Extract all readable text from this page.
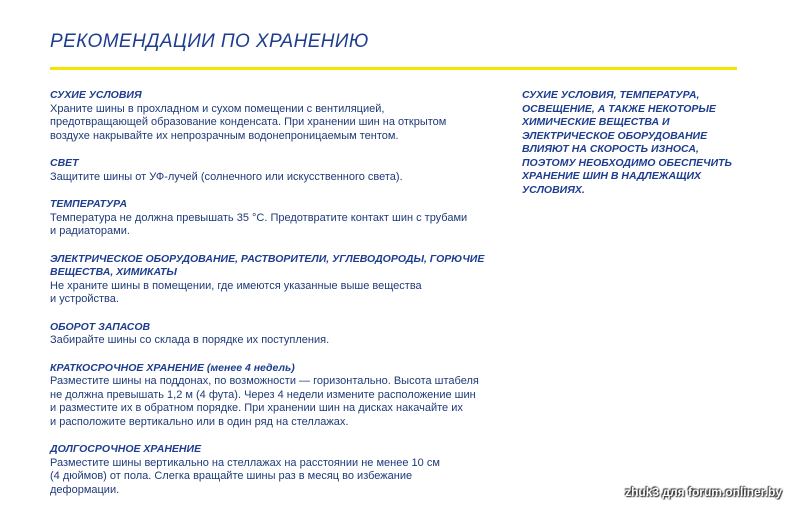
РЕКОМЕНДАЦИИ ПО ХРАНЕНИЮ

СУХИЕ УСЛОВИЯ

Храните шины в прохладном и сухом помещении с вентиляцией,
предотвращающей образование конденсата. При хранении шин на открытом
воздухе накрывайте их непрозрачным водонепроницаемым тентом.

СВЕТ

Защитите шины от УФ-лучей (солнечного или искусственного света).

ТЕМПЕРАТУРА

Температура не должна превышать 35 °C. Предотвратите контакт шин с трубами
и радиаторами.

ЭЛЕКТРИЧЕСКОЕ ОБОРУДОВАНИЕ, РАСТВОРИТЕЛИ, УГЛЕВОДОРОДЫ, ГОРЮЧИЕ
ВЕЩЕСТВА, ХИМИКАТЫ

Не храните шины в помещении, где имеются указанные выше вещества
и устройства.

ОБОРОТ ЗАПАСОВ

Забирайте шины со склада в порядке их поступления.

КРАТКОСРОЧНОЕ ХРАНЕНИЕ (менее 4 недель)

Разместите шины на поддонах, по возможности — горизонтально. Высота штабеля
не должна превышать 1,2 м (4 фута). Через 4 недели измените расположение шин
и разместите их в обратном порядке. При хранении шин на дисках накачайте их
и расположите вертикально или в один ряд на стеллажах.

ДОЛГОСРОЧНОЕ ХРАНЕНИЕ

Разместите шины вертикально на стеллажах на расстоянии не менее 10 см
(4 дюймов) от пола. Слегка вращайте шины раз в месяц во избежание
деформации.

СУХИЕ УСЛОВИЯ, ТЕМПЕРАТУРА,
ОСВЕЩЕНИЕ, А ТАКЖЕ НЕКОТОРЫЕ
ХИМИЧЕСКИЕ ВЕЩЕСТВА И
ЭЛЕКТРИЧЕСКОЕ ОБОРУДОВАНИЕ
ВЛИЯЮТ НА СКОРОСТЬ ИЗНОСА,
ПОЭТОМУ НЕОБХОДИМО ОБЕСПЕЧИТЬ
ХРАНЕНИЕ ШИН В НАДЛЕЖАЩИХ
УСЛОВИЯХ.

zhuk3 для forum.onliner.by
